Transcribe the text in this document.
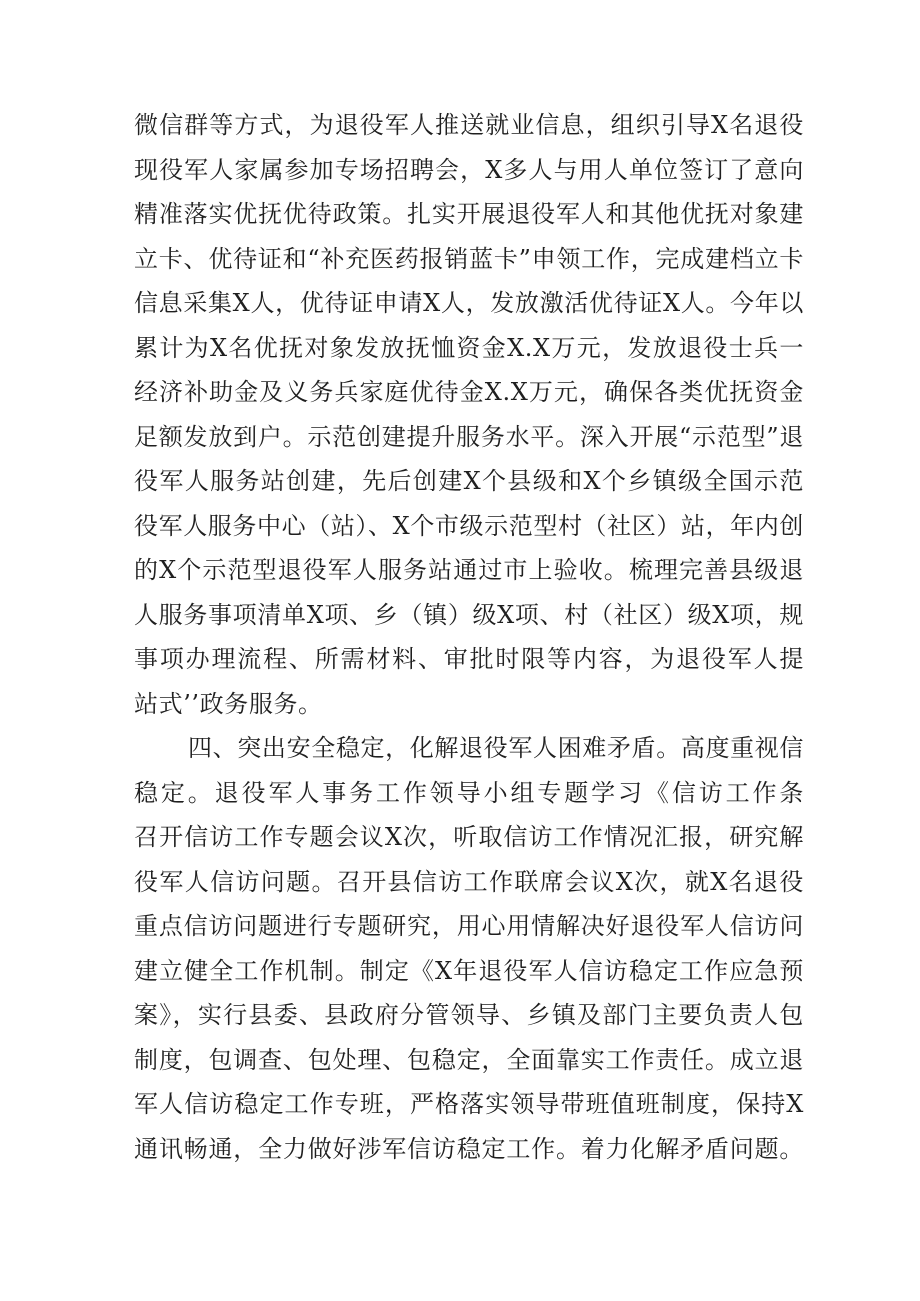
微信群等方式，为退役军人推送就业信息，组织引导X名退役
现役军人家属参加专场招聘会，X多人与用人单位签订了意向
精准落实优抚优待政策。扎实开展退役军人和其他优抚对象建
立卡、优待证和“补充医药报销蓝卡”申领工作，完成建档立卡
信息采集X人，优待证申请X人，发放激活优待证X人。今年以
累计为X名优抚对象发放抚恤资金X.X万元，发放退役士兵一
经济补助金及义务兵家庭优待金X.X万元，确保各类优抚资金
足额发放到户。示范创建提升服务水平。深入开展“示范型”退
役军人服务站创建，先后创建X个县级和X个乡镇级全国示范
役军人服务中心（站）、X个市级示范型村（社区）站，年内创
的X个示范型退役军人服务站通过市上验收。梳理完善县级退
人服务事项清单X项、乡（镇）级X项、村（社区）级X项，规
事项办理流程、所需材料、审批时限等内容，为退役军人提
站式’’政务服务。
四、突出安全稳定，化解退役军人困难矛盾。高度重视信
稳定。退役军人事务工作领导小组专题学习《信访工作条
召开信访工作专题会议X次，听取信访工作情况汇报，研究解
役军人信访问题。召开县信访工作联席会议X次，就X名退役
重点信访问题进行专题研究，用心用情解决好退役军人信访问
建立健全工作机制。制定《X年退役军人信访稳定工作应急预
案》，实行县委、县政府分管领导、乡镇及部门主要负责人包
制度，包调查、包处理、包稳定，全面靠实工作责任。成立退
军人信访稳定工作专班，严格落实领导带班值班制度，保持X
通讯畅通，全力做好涉军信访稳定工作。着力化解矛盾问题。
